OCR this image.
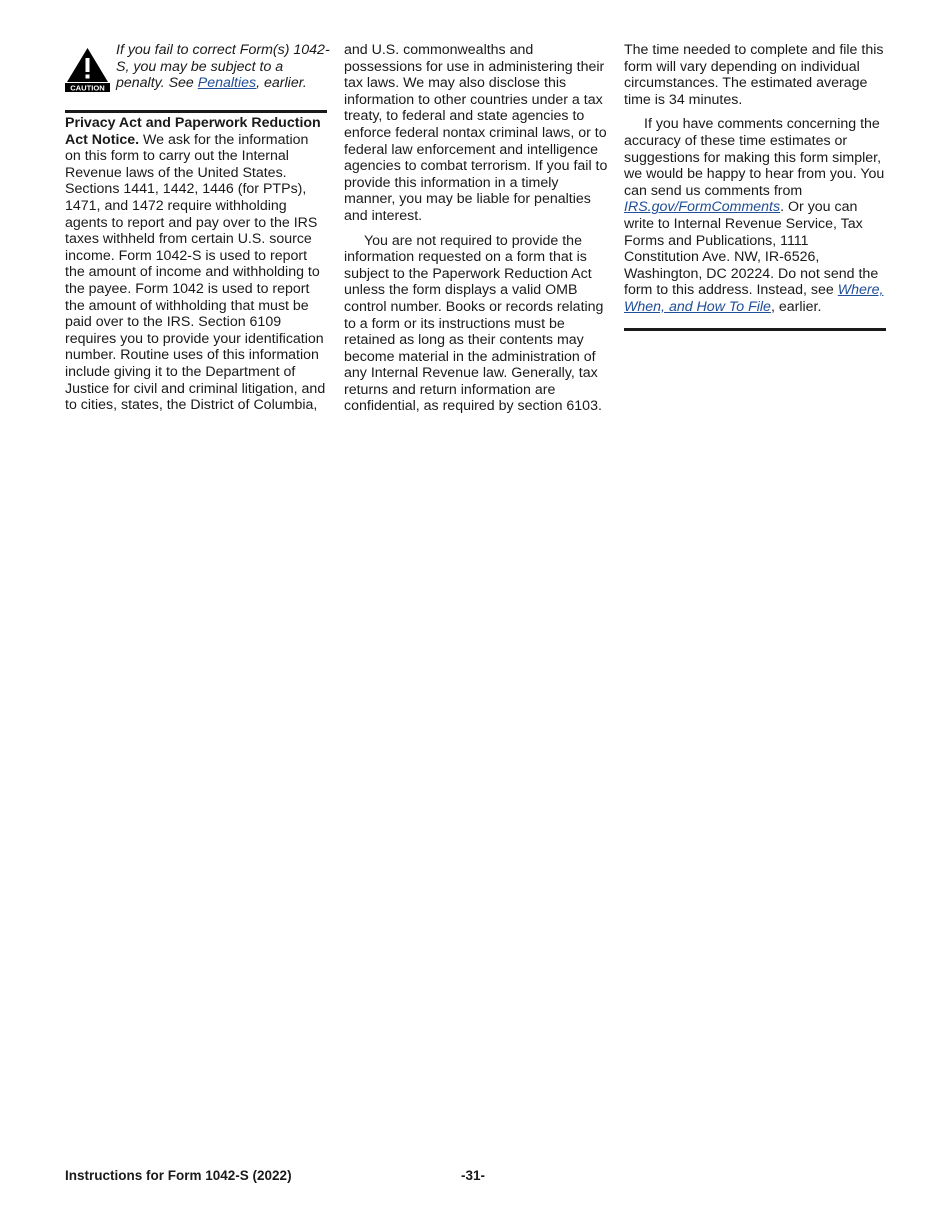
CAUTION

If you fail to correct Form(s) 1042-S, you may be subject to a penalty. See Penalties, earlier.

Privacy Act and Paperwork Reduction Act Notice. We ask for the information on this form to carry out the Internal Revenue laws of the United States. Sections 1441, 1442, 1446 (for PTPs), 1471, and 1472 require withholding agents to report and pay over to the IRS taxes withheld from certain U.S. source income. Form 1042-S is used to report the amount of income and withholding to the payee. Form 1042 is used to report the amount of withholding that must be paid over to the IRS. Section 6109 requires you to provide your identification number. Routine uses of this information include giving it to the Department of Justice for civil and criminal litigation, and to cities, states, the District of Columbia,

and U.S. commonwealths and possessions for use in administering their tax laws. We may also disclose this information to other countries under a tax treaty, to federal and state agencies to enforce federal nontax criminal laws, or to federal law enforcement and intelligence agencies to combat terrorism. If you fail to provide this information in a timely manner, you may be liable for penalties and interest.

You are not required to provide the information requested on a form that is subject to the Paperwork Reduction Act unless the form displays a valid OMB control number. Books or records relating to a form or its instructions must be retained as long as their contents may become material in the administration of any Internal Revenue law. Generally, tax returns and return information are confidential, as required by section 6103.

The time needed to complete and file this form will vary depending on individual circumstances. The estimated average time is 34 minutes.

If you have comments concerning the accuracy of these time estimates or suggestions for making this form simpler, we would be happy to hear from you. You can send us comments from IRS.gov/FormComments. Or you can write to Internal Revenue Service, Tax Forms and Publications, 1111 Constitution Ave. NW, IR-6526, Washington, DC 20224. Do not send the form to this address. Instead, see Where, When, and How To File, earlier.

Instructions for Form 1042-S (2022)	-31-
